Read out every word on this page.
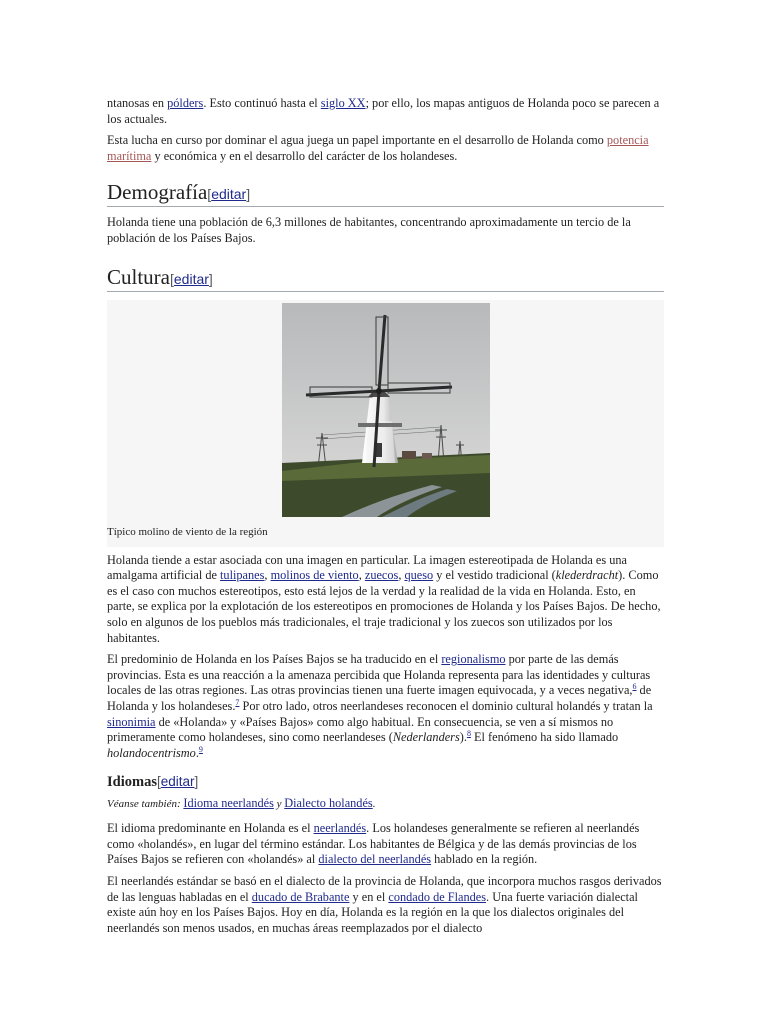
ntanosas en pólders. Esto continuó hasta el siglo XX; por ello, los mapas antiguos de Holanda poco se parecen a los actuales.

Esta lucha en curso por dominar el agua juega un papel importante en el desarrollo de Holanda como potencia marítima y económica y en el desarrollo del carácter de los holandeses.

Demografía[editar]

Holanda tiene una población de 6,3 millones de habitantes, concentrando aproximadamente un tercio de la población de los Países Bajos.

Cultura[editar]

Típico molino de viento de la región

Holanda tiende a estar asociada con una imagen en particular. La imagen estereotipada de Holanda es una amalgama artificial de tulipanes, molinos de viento, zuecos, queso y el vestido tradicional (klederdracht). Como es el caso con muchos estereotipos, esto está lejos de la verdad y la realidad de la vida en Holanda. Esto, en parte, se explica por la explotación de los estereotipos en promociones de Holanda y los Países Bajos. De hecho, solo en algunos de los pueblos más tradicionales, el traje tradicional y los zuecos son utilizados por los habitantes.

El predominio de Holanda en los Países Bajos se ha traducido en el regionalismo por parte de las demás provincias. Esta es una reacción a la amenaza percibida que Holanda representa para las identidades y culturas locales de las otras regiones. Las otras provincias tienen una fuerte imagen equivocada, y a veces negativa,$^6$ de Holanda y los holandeses.$^7$ Por otro lado, otros neerlandeses reconocen el dominio cultural holandés y tratan la sinonimia de «Holanda» y «Países Bajos» como algo habitual. En consecuencia, se ven a sí mismos no primeramente como holandeses, sino como neerlandeses (Nederlanders).$^8$ El fenómeno ha sido llamado holandocentrismo.$^9$

Idiomas[editar]
Véanse también: Idioma neerlandés y Dialecto holandés.

El idioma predominante en Holanda es el neerlandés. Los holandeses generalmente se refieren al neerlandés como «holandés», en lugar del término estándar. Los habitantes de Bélgica y de las demás provincias de los Países Bajos se refieren con «holandés» al dialecto del neerlandés hablado en la región.

El neerlandés estándar se basó en el dialecto de la provincia de Holanda, que incorpora muchos rasgos derivados de las lenguas habladas en el ducado de Brabante y en el condado de Flandes. Una fuerte variación dialectal existe aún hoy en los Países Bajos. Hoy en día, Holanda es la región en la que los dialectos originales del neerlandés son menos usados, en muchas áreas reemplazados por el dialecto
